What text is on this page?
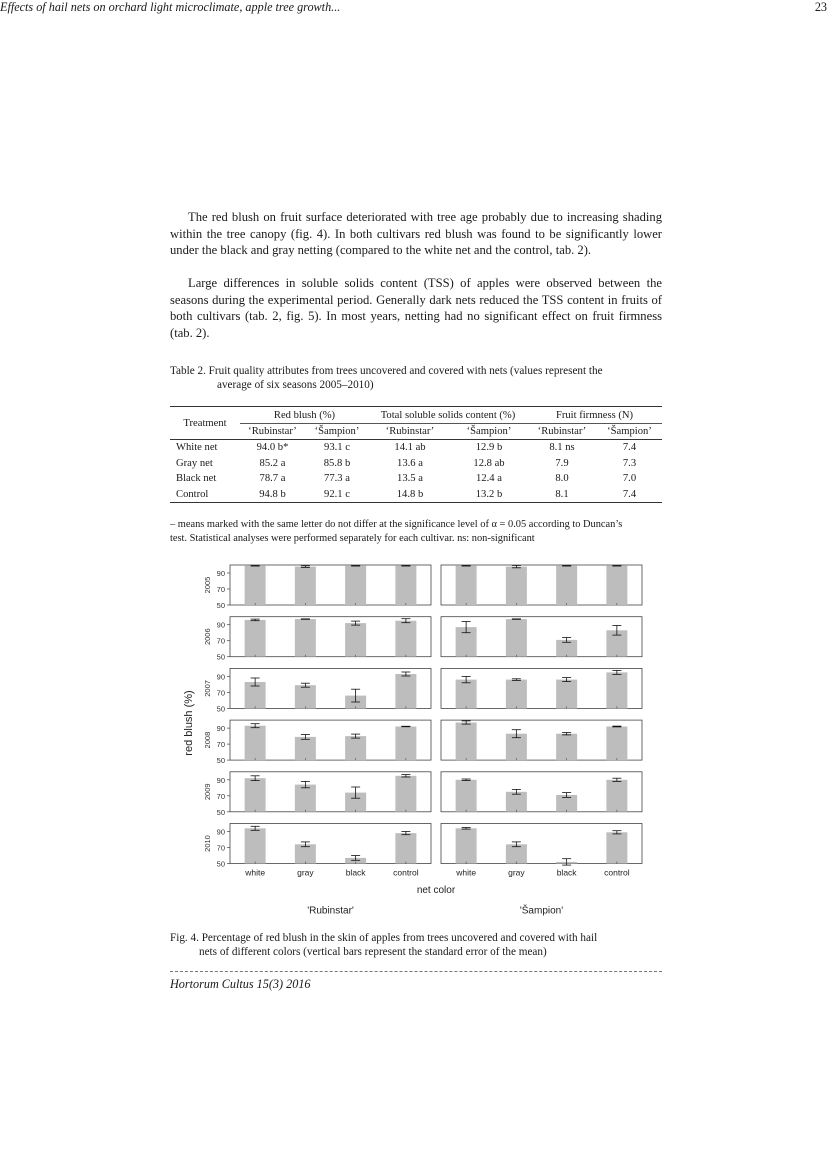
Effects of hail nets on orchard light microclimate, apple tree growth...	23

The red blush on fruit surface deteriorated with tree age probably due to increasing shading within the tree canopy (fig. 4). In both cultivars red blush was found to be significantly lower under the black and gray netting (compared to the white net and the control, tab. 2).

Large differences in soluble solids content (TSS) of apples were observed between the seasons during the experimental period. Generally dark nets reduced the TSS content in fruits of both cultivars (tab. 2, fig. 5). In most years, netting had no significant effect on fruit firmness (tab. 2).

Table 2. Fruit quality attributes from trees uncovered and covered with nets (values represent the
average of six seasons 2005–2010)
Treatment	Red blush (%)		Total soluble solids content (%)		Fruit firmness (N)	
	‘Rubinstar’	‘Šampion’	‘Rubinstar’	‘Šampion’	‘Rubinstar’	‘Šampion’
White net	94.0 b*	93.1 c	14.1 ab	12.9 b	8.1 ns	7.4
Gray net	85.2 a	85.8 b	13.6 a	12.8 ab	7.9	7.3
Black net	78.7 a	77.3 a	13.5 a	12.4 a	8.0	7.0
Control	94.8 b	92.1 c	14.8 b	13.2 b	8.1	7.4
– means marked with the same letter do not differ at the significance level of α = 0.05 according to Duncan’s
test. Statistical analyses were performed separately for each cultivar. ns: non-significant
90
70
50
2005
90
70
50
2006
90
70
50
2007
90
70
50
2008
90
70
50
2009
90
70
50
2010
white	gray	black	control
'Rubinstar'
white	gray	black	control
'Šampion'
red blush (%)
net color
Fig. 4. Percentage of red blush in the skin of apples from trees uncovered and covered with hail
nets of different colors (vertical bars represent the standard error of the mean)
Hortorum Cultus 15(3) 2016
